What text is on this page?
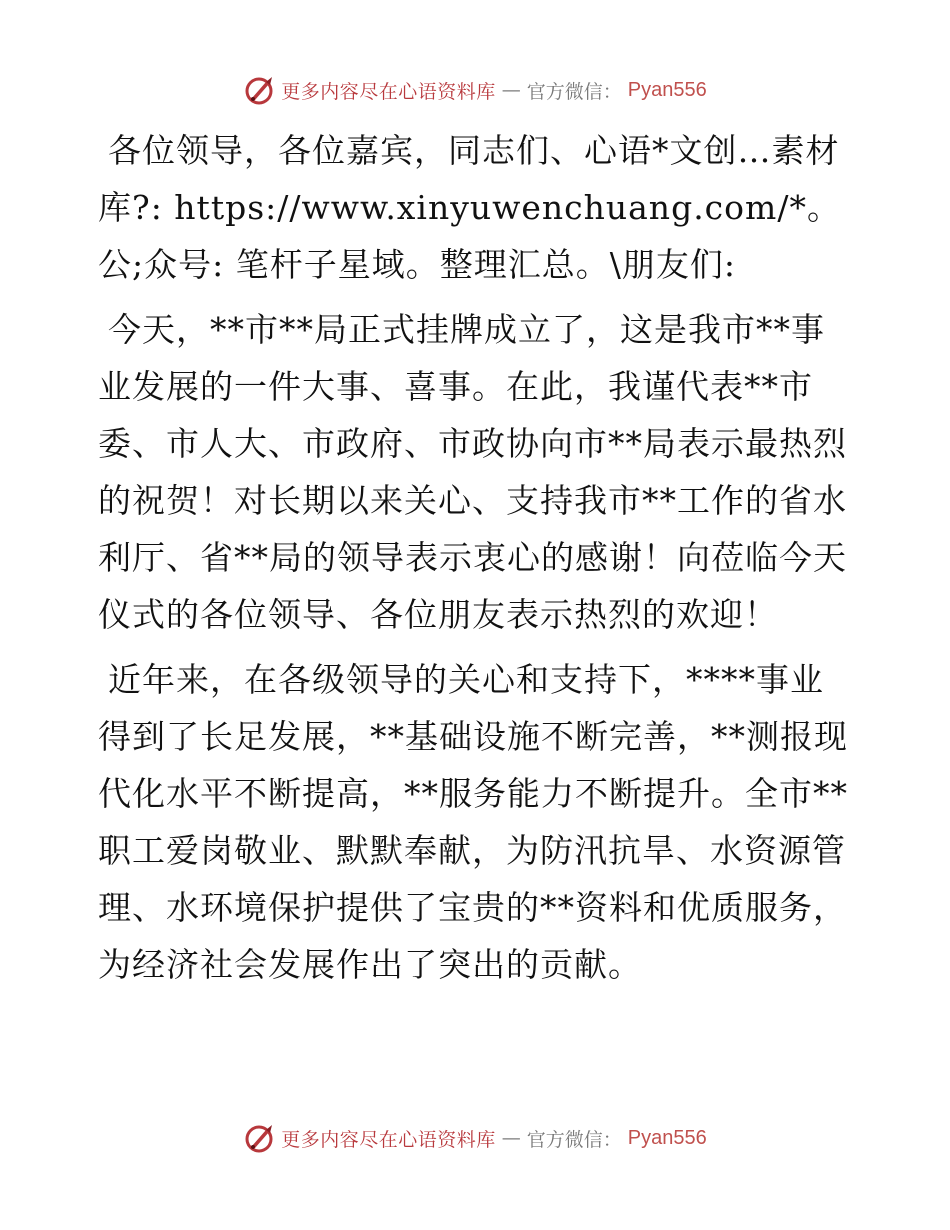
更多内容尽在心语资料库 — 官方微信： Pyan556

各位领导，各位嘉宾，同志们、心语*文创…素材库?: https://www.xinyuwenchuang.com/*。公;众号: 笔杆子星域。整理汇总。\朋友们:

今天，**市**局正式挂牌成立了，这是我市**事业发展的一件大事、喜事。在此，我谨代表**市委、市人大、市政府、市政协向市**局表示最热烈的祝贺！对长期以来关心、支持我市**工作的省水利厅、省**局的领导表示衷心的感谢！向莅临今天仪式的各位领导、各位朋友表示热烈的欢迎！

近年来，在各级领导的关心和支持下，****事业得到了长足发展，**基础设施不断完善，**测报现代化水平不断提高，**服务能力不断提升。全市**职工爱岗敬业、默默奉献，为防汛抗旱、水资源管理、水环境保护提供了宝贵的**资料和优质服务，为经济社会发展作出了突出的贡献。

更多内容尽在心语资料库 — 官方微信： Pyan556
